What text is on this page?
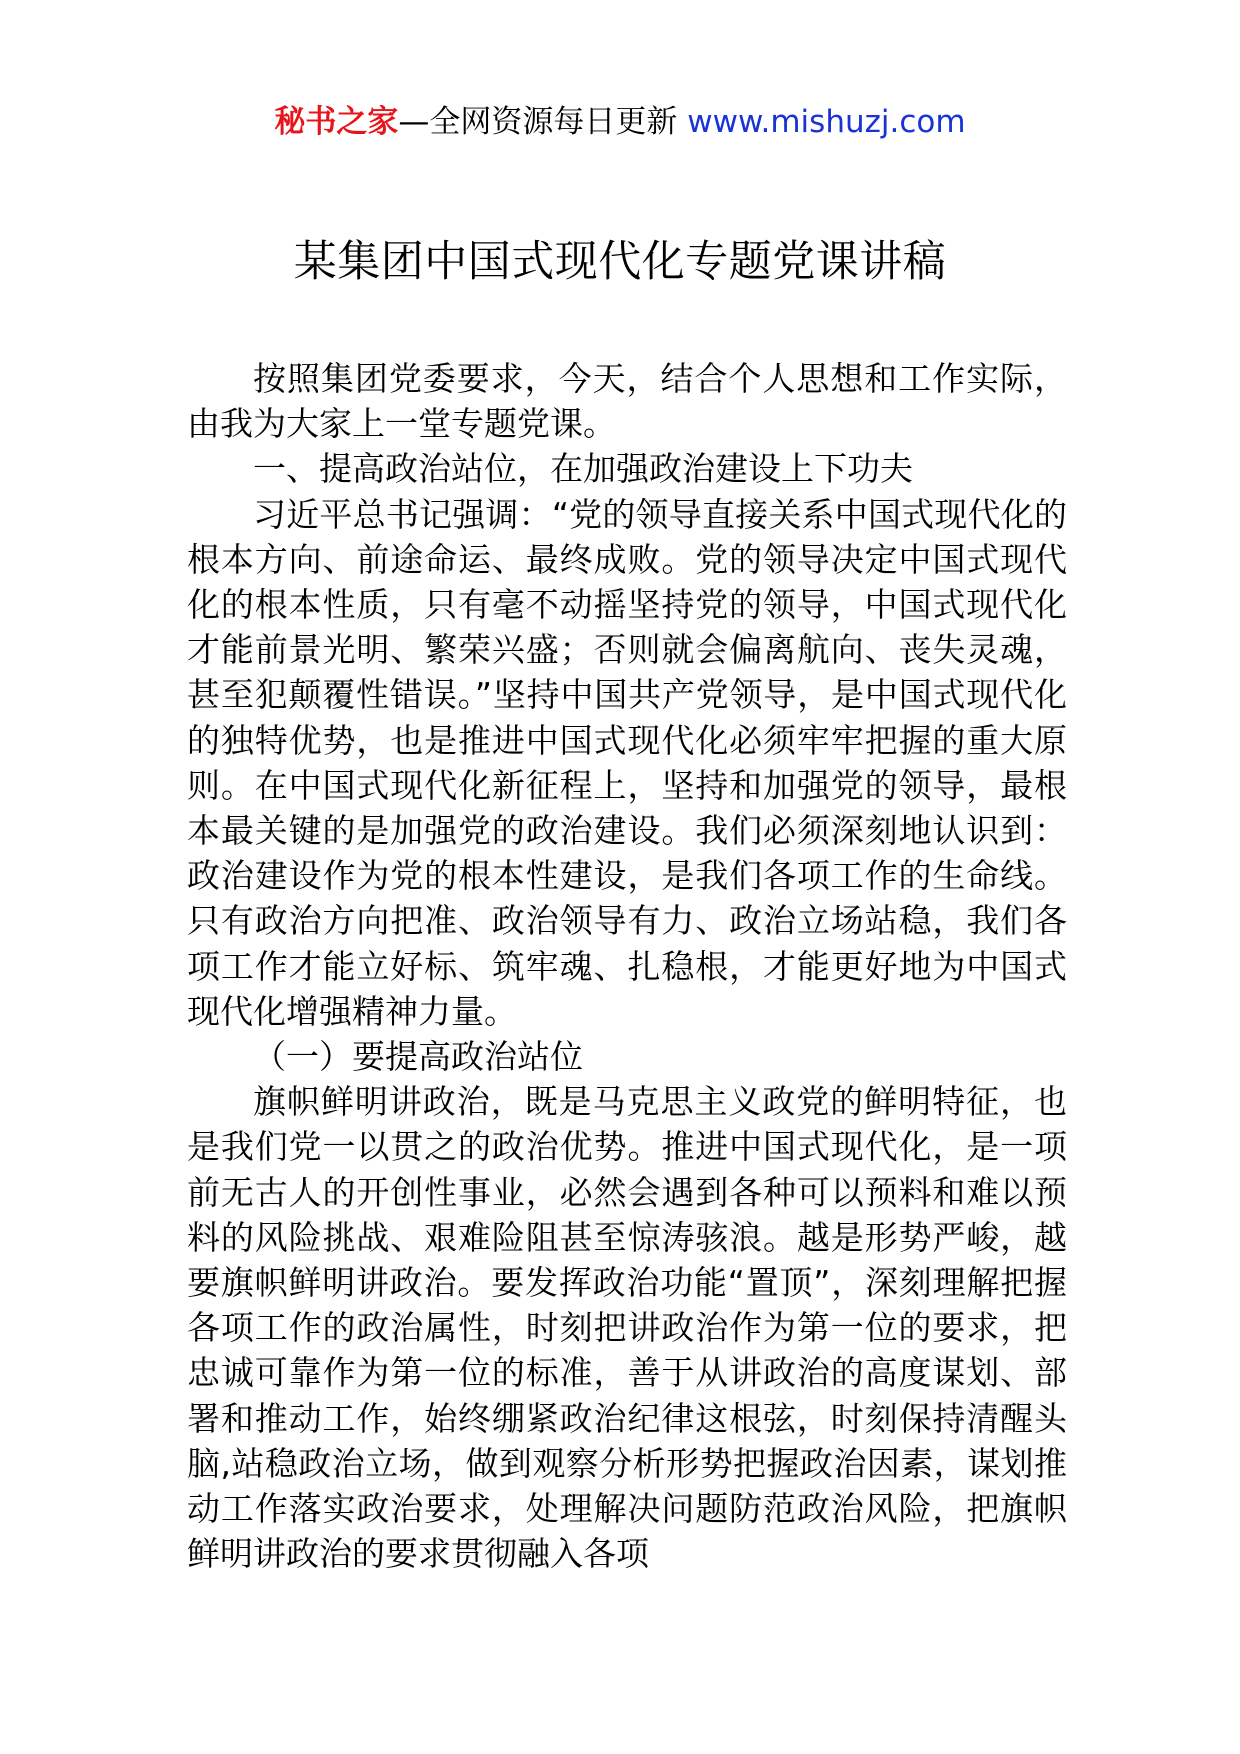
秘书之家—全网资源每日更新 www.mishuzj.com
某集团中国式现代化专题党课讲稿

按照集团党委要求，今天，结合个人思想和工作实际，由我为大家上一堂专题党课。

一、提高政治站位，在加强政治建设上下功夫

习近平总书记强调：“党的领导直接关系中国式现代化的根本方向、前途命运、最终成败。党的领导决定中国式现代化的根本性质，只有毫不动摇坚持党的领导，中国式现代化才能前景光明、繁荣兴盛；否则就会偏离航向、丧失灵魂，甚至犯颠覆性错误。”坚持中国共产党领导，是中国式现代化的独特优势，也是推进中国式现代化必须牢牢把握的重大原则。在中国式现代化新征程上，坚持和加强党的领导，最根本最关键的是加强党的政治建设。我们必须深刻地认识到：政治建设作为党的根本性建设，是我们各项工作的生命线。只有政治方向把准、政治领导有力、政治立场站稳，我们各项工作才能立好标、筑牢魂、扎稳根，才能更好地为中国式现代化增强精神力量。

（一）要提高政治站位

旗帜鲜明讲政治，既是马克思主义政党的鲜明特征，也是我们党一以贯之的政治优势。推进中国式现代化，是一项前无古人的开创性事业，必然会遇到各种可以预料和难以预料的风险挑战、艰难险阻甚至惊涛骇浪。越是形势严峻，越要旗帜鲜明讲政治。要发挥政治功能“置顶”，深刻理解把握各项工作的政治属性，时刻把讲政治作为第一位的要求，把忠诚可靠作为第一位的标准，善于从讲政治的高度谋划、部署和推动工作，始终绷紧政治纪律这根弦，时刻保持清醒头脑,站稳政治立场，做到观察分析形势把握政治因素，谋划推动工作落实政治要求，处理解决问题防范政治风险，把旗帜鲜明讲政治的要求贯彻融入各项
